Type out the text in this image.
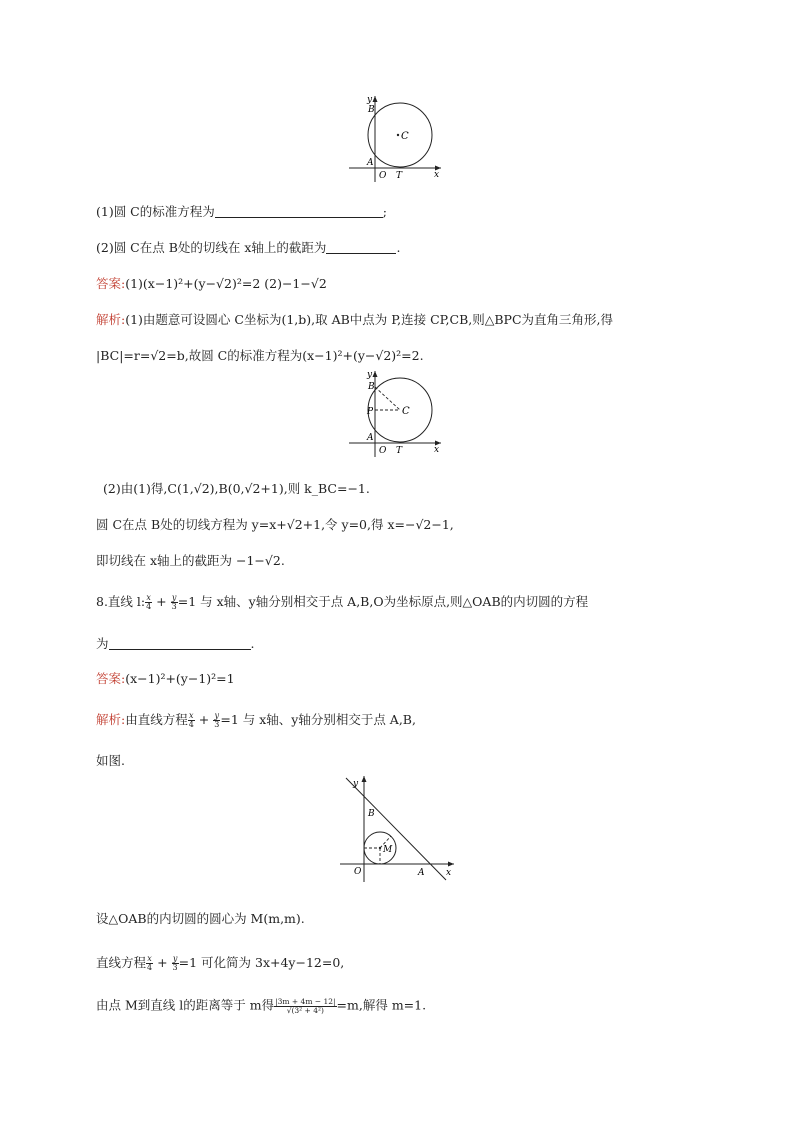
y
B
C
A
O T	x
(1)圆 C的标准方程为	;
(2)圆 C在点 B处的切线在 x轴上的截距为	.
答案:(1)(x−1)²+(y−√2)²=2 (2)−1−√2
解析:(1)由题意可设圆心 C坐标为(1,b),取 AB中点为 P,连接 CP,CB,则△BPC为直角三角形,得
|BC|=r=√2=b,故圆 C的标准方程为(x−1)²+(y−√2)²=2.
y
B
P	C
A
O T	x
(2)由(1)得,C(1,√2),B(0,√2+1),则 k_BC=−1.
圆 C在点 B处的切线方程为 y=x+√2+1,令 y=0,得 x=−√2−1,
即切线在 x轴上的截距为 −1−√2.
8.直线 l: $\frac{x}{4} + \frac{y}{3} =1$ 与 x轴、y轴分别相交于点 A,B,O为坐标原点,则△OAB的内切圆的方程
为	.
答案:(x−1)²+(y−1)²=1
解析:由直线方程 $\frac{x}{4} + \frac{y}{3} =1$ 与 x轴、y轴分别相交于点 A,B,
如图.
y
B
M
O	A x
设△OAB的内切圆的圆心为 M(m,m).
直线方程 $\frac{x}{4} + \frac{y}{3} =1$ 可化简为 3x+4y−12=0,
由点 M到直线 l的距离等于 m得 $\frac{|3m + 4m - 12|}{\text{√(3² + 4²)}} =m$,解得 m=1.
